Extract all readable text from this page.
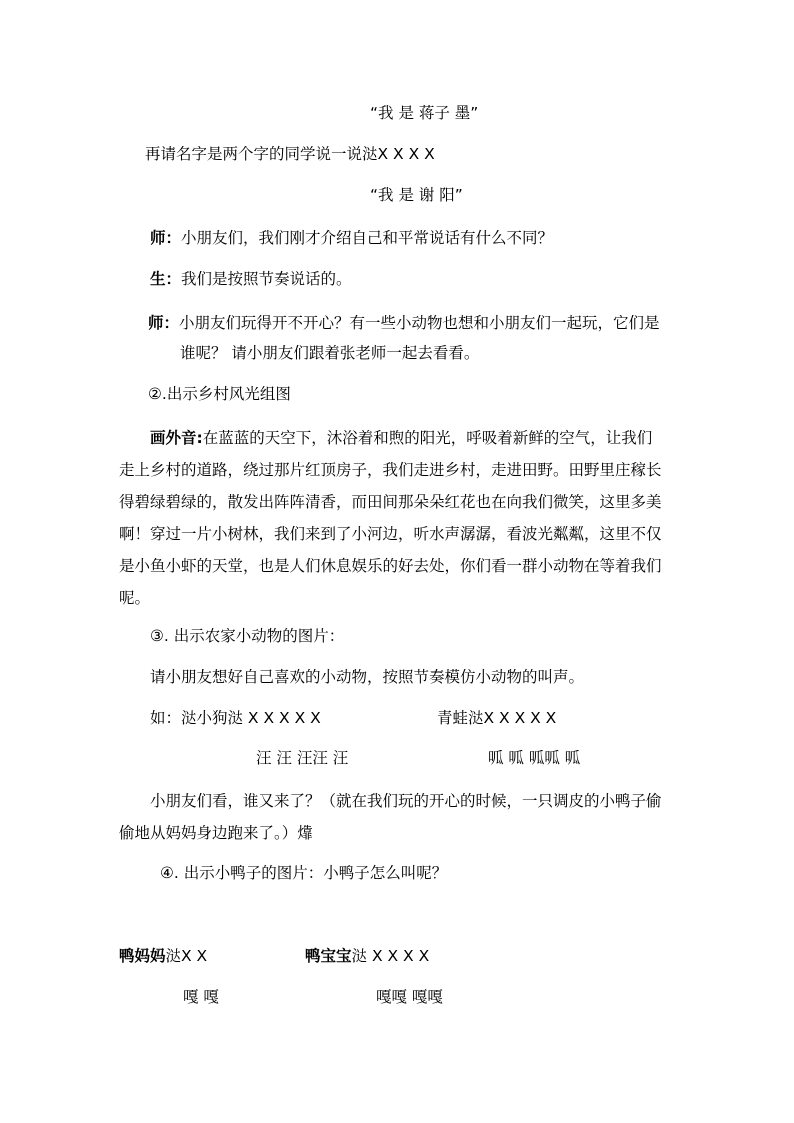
“我 是 蒋子 墨”
再请名字是两个字的同学说一说㳠X X X X
“我 是 谢 阳”
师：小朋友们，我们刚才介绍自己和平常说话有什么不同？
生：我们是按照节奏说话的。
师：小朋友们玩得开不开心？有一些小动物也想和小朋友们一起玩，它们是
谁呢？ 请小朋友们跟着张老师一起去看看。
②.出示乡村风光组图
画外音:在蓝蓝的天空下，沐浴着和煦的阳光，呼吸着新鲜的空气，让我们
走上乡村的道路，绕过那片红顶房子，我们走进乡村，走进田野。田野里庄稼长
得碧绿碧绿的，散发出阵阵清香，而田间那朵朵红花也在向我们微笑，这里多美
啊！穿过一片小树林，我们来到了小河边，听水声潺潺，看波光粼粼，这里不仅
是小鱼小虾的天堂，也是人们休息娱乐的好去处，你们看一群小动物在等着我们
呢。
③. 出示农家小动物的图片：
请小朋友想好自己喜欢的小动物，按照节奏模仿小动物的叫声。
如：㳠小狗㳠 X X X X X	青蛙㳠X X X X X
汪 汪 汪汪 汪	呱 呱 呱呱 呱
小朋友们看，谁又来了？（就在我们玩的开心的时候，一只调皮的小鸭子偷
偷地从妈妈身边跑来了。）㸆
④. 出示小鸭子的图片：小鸭子怎么叫呢？
鸭妈妈㳠X X	鸭宝宝㳠 X X X X
嘎 嘎	嘎嘎 嘎嘎
